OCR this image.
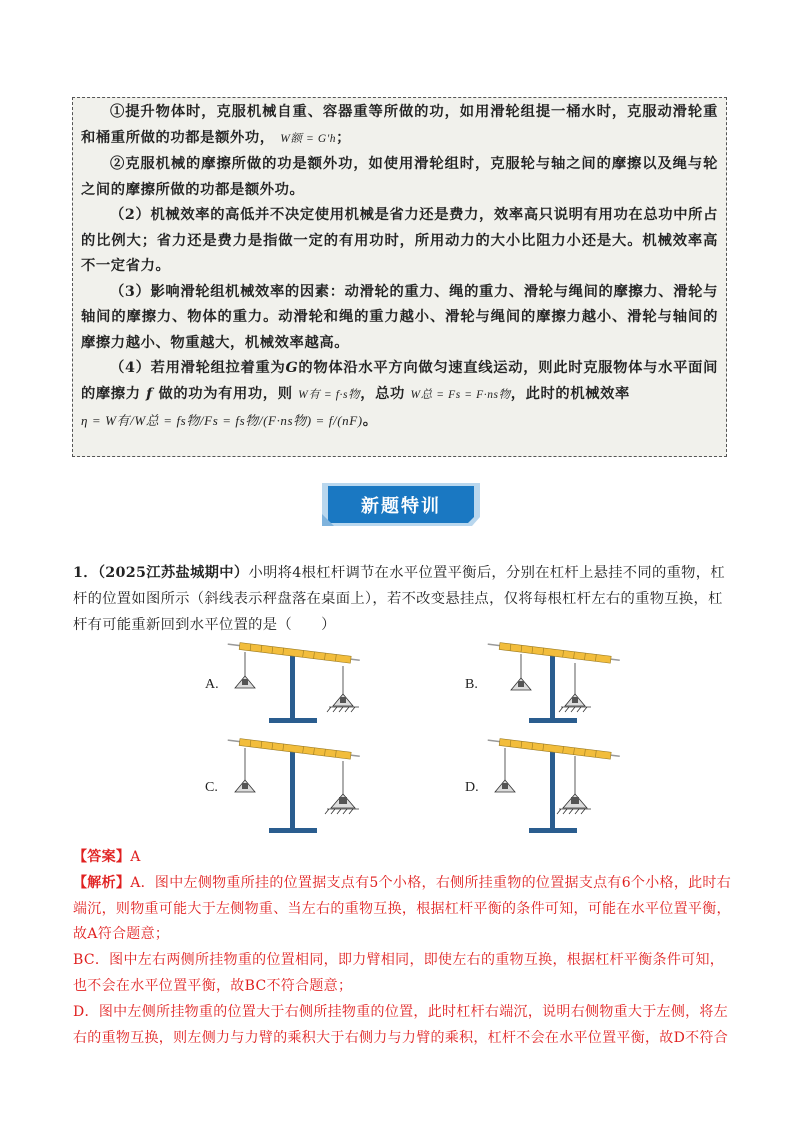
①提升物体时，克服机械自重、容器重等所做的功，如用滑轮组提一桶水时，克服动滑轮重和桶重所做的功都是额外功， W额 = G'h；

②克服机械的摩擦所做的功是额外功，如使用滑轮组时，克服轮与轴之间的摩擦以及绳与轮之间的摩擦所做的功都是额外功。

（2）机械效率的高低并不决定使用机械是省力还是费力，效率高只说明有用功在总功中所占的比例大；省力还是费力是指做一定的有用功时，所用动力的大小比阻力小还是大。机械效率高不一定省力。

（3）影响滑轮组机械效率的因素：动滑轮的重力、绳的重力、滑轮与绳间的摩擦力、滑轮与轴间的摩擦力、物体的重力。动滑轮和绳的重力越小、滑轮与绳间的摩擦力越小、滑轮与轴间的摩擦力越小、物重越大，机械效率越高。

（4）若用滑轮组拉着重为G的物体沿水平方向做匀速直线运动，则此时克服物体与水平面间的摩擦力 f 做的功为有用功，则 W有 = f·s物，总功 W总 = Fs = F·ns物，此时的机械效率
η = W有/W总 = fs物/Fs = fs物/(F·ns物) = f/(nF)。

新题特训

1．（2025江苏盐城期中）小明将4根杠杆调节在水平位置平衡后，分别在杠杆上悬挂不同的重物，杠杆的位置如图所示（斜线表示秤盘落在桌面上），若不改变悬挂点，仅将每根杠杆左右的重物互换，杠杆有可能重新回到水平位置的是（　　）

A.	B.
C.	D.

【答案】A

【解析】A．图中左侧物重所挂的位置据支点有5个小格，右侧所挂重物的位置据支点有6个小格，此时右端沉，则物重可能大于左侧物重、当左右的重物互换，根据杠杆平衡的条件可知，可能在水平位置平衡，故A符合题意；

BC．图中左右两侧所挂物重的位置相同，即力臂相同，即使左右的重物互换，根据杠杆平衡条件可知，也不会在水平位置平衡，故BC不符合题意；

D．图中左侧所挂物重的位置大于右侧所挂物重的位置，此时杠杆右端沉，说明右侧物重大于左侧，将左右的重物互换，则左侧力与力臂的乘积大于右侧力与力臂的乘积，杠杆不会在水平位置平衡，故D不符合
